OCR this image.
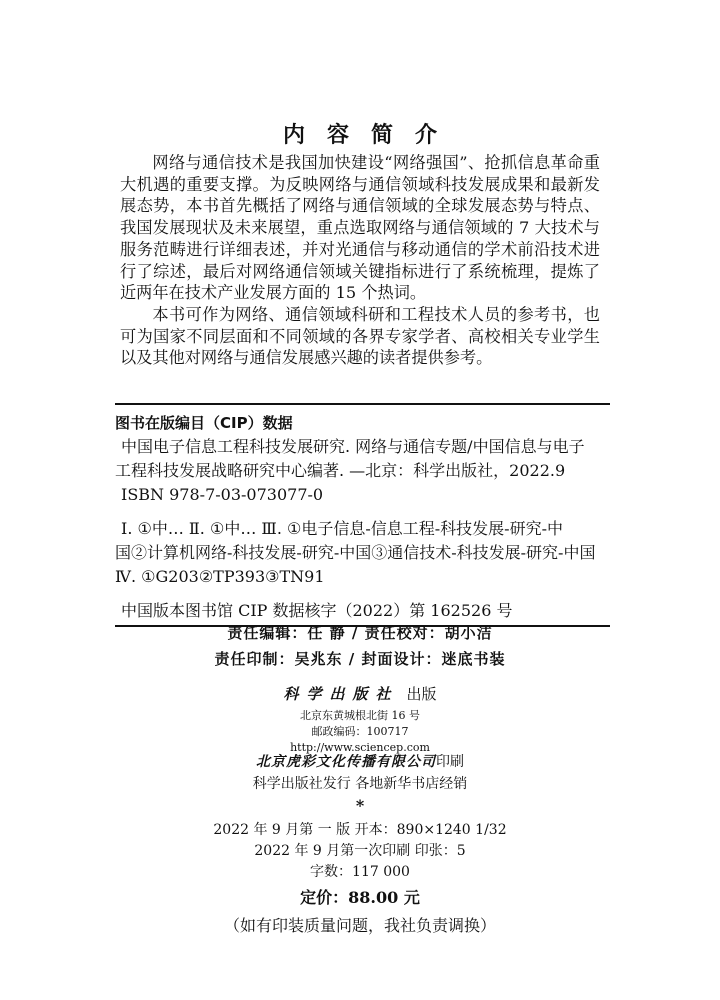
内容简介

网络与通信技术是我国加快建设“网络强国”、抢抓信息革命重大机遇的重要支撑。为反映网络与通信领域科技发展成果和最新发展态势，本书首先概括了网络与通信领域的全球发展态势与特点、我国发展现状及未来展望，重点选取网络与通信领域的 7 大技术与服务范畴进行详细表述，并对光通信与移动通信的学术前沿技术进行了综述，最后对网络通信领域关键指标进行了系统梳理，提炼了近两年在技术产业发展方面的 15 个热词。

本书可作为网络、通信领域科研和工程技术人员的参考书，也可为国家不同层面和不同领域的各界专家学者、高校相关专业学生以及其他对网络与通信发展感兴趣的读者提供参考。

图书在版编目（CIP）数据
中国电子信息工程科技发展研究. 网络与通信专题/中国信息与电子
工程科技发展战略研究中心编著. —北京：科学出版社，2022.9
ISBN 978-7-03-073077-0
Ⅰ. ①中… Ⅱ. ①中… Ⅲ. ①电子信息-信息工程-科技发展-研究-中
国②计算机网络-科技发展-研究-中国③通信技术-科技发展-研究-中国
Ⅳ. ①G203②TP393③TN91
中国版本图书馆 CIP 数据核字（2022）第 162526 号
责任编辑：任 静 / 责任校对：胡小洁
责任印制：吴兆东 / 封面设计：迷底书装
科学出版社 出版
北京东黄城根北街 16 号
邮政编码：100717
http://www.sciencep.com
北京虎彩文化传播有限公司印刷
科学出版社发行 各地新华书店经销
*
2022 年 9 月第 一 版 开本：890×1240 1/32
2022 年 9 月第一次印刷 印张：5
字数：117 000
定价：88.00 元
（如有印装质量问题，我社负责调换）
